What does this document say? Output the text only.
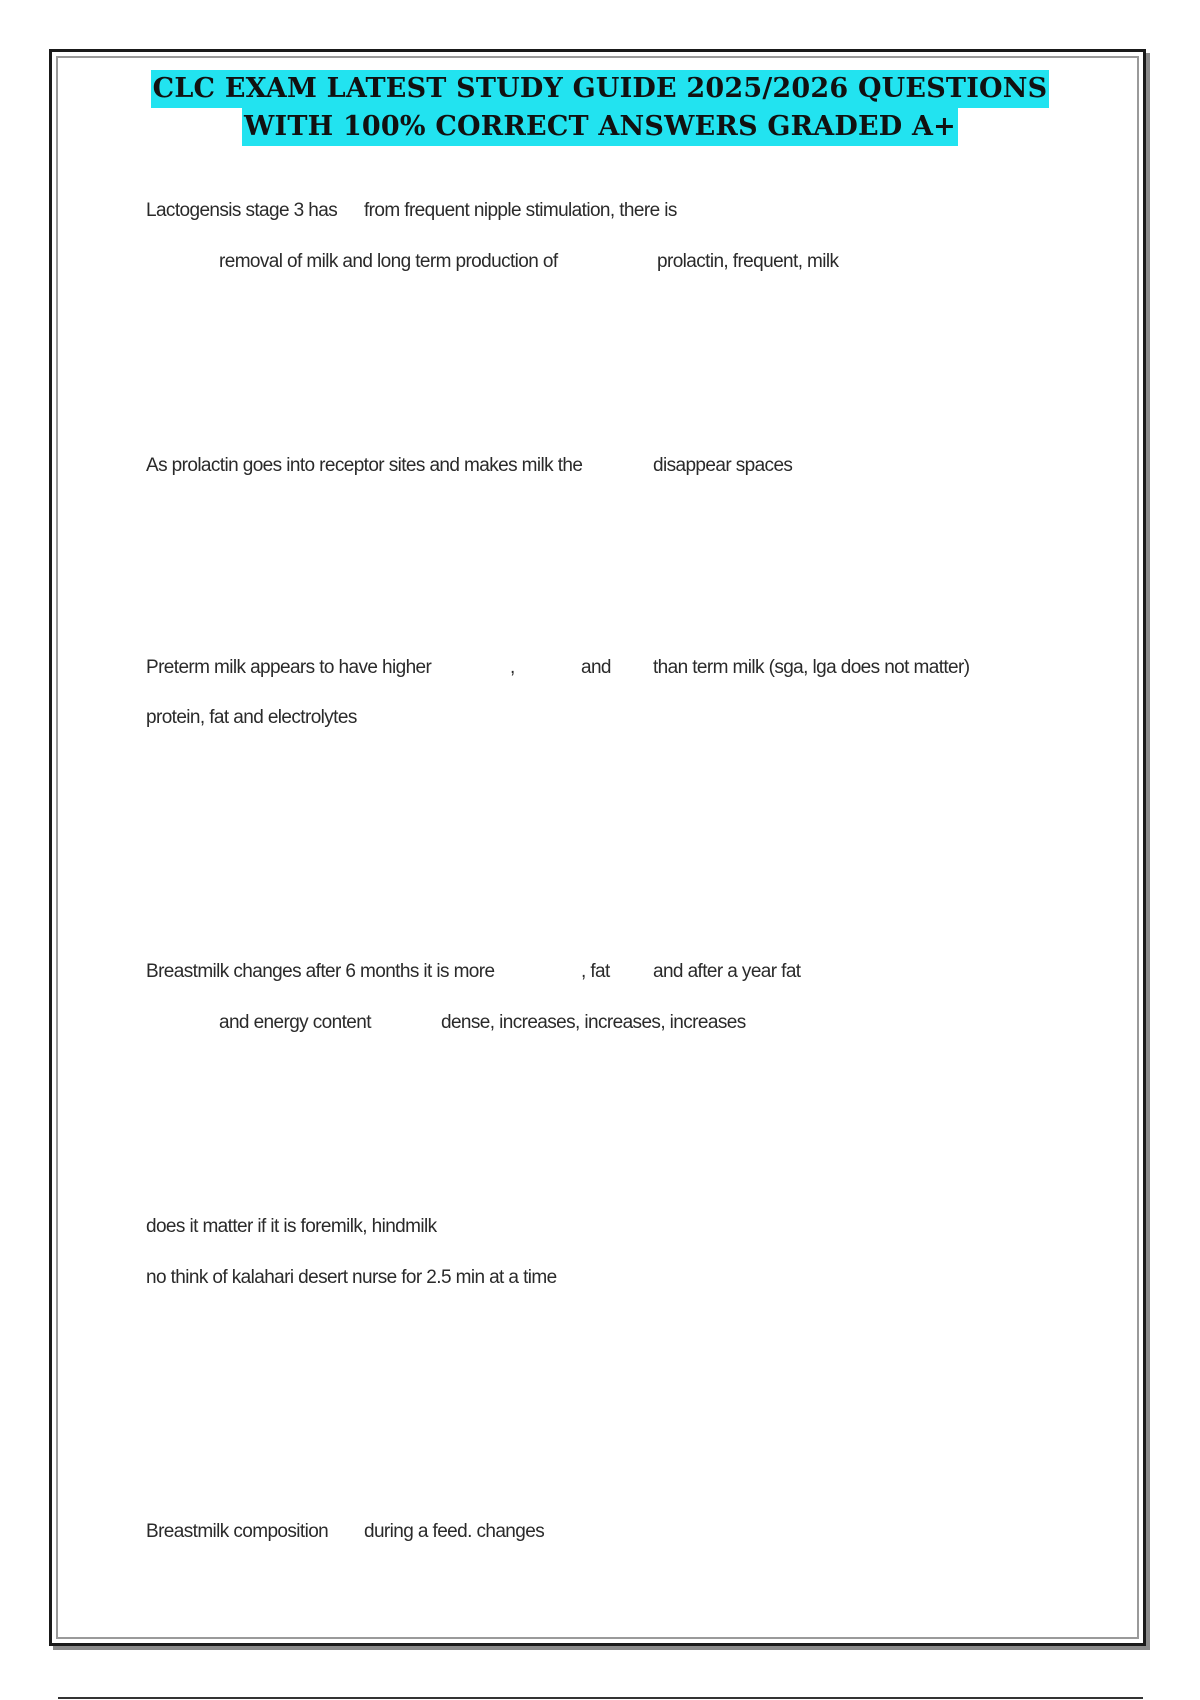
CLC EXAM LATEST STUDY GUIDE 2025/2026 QUESTIONS
WITH 100% CORRECT ANSWERS GRADED A+
Lactogensis stage 3 has from frequent nipple stimulation, there is
removal of milk and long term production of	prolactin, frequent, milk
As prolactin goes into receptor sites and makes milk the	disappear spaces
Preterm milk appears to have higher	,	and than term milk (sga, lga does not matter)
protein, fat and electrolytes
Breastmilk changes after 6 months it is more	, fat and after a year fat
and energy content	dense, increases, increases, increases
does it matter if it is foremilk, hindmilk
no think of kalahari desert nurse for 2.5 min at a time
Breastmilk composition during a feed. changes
